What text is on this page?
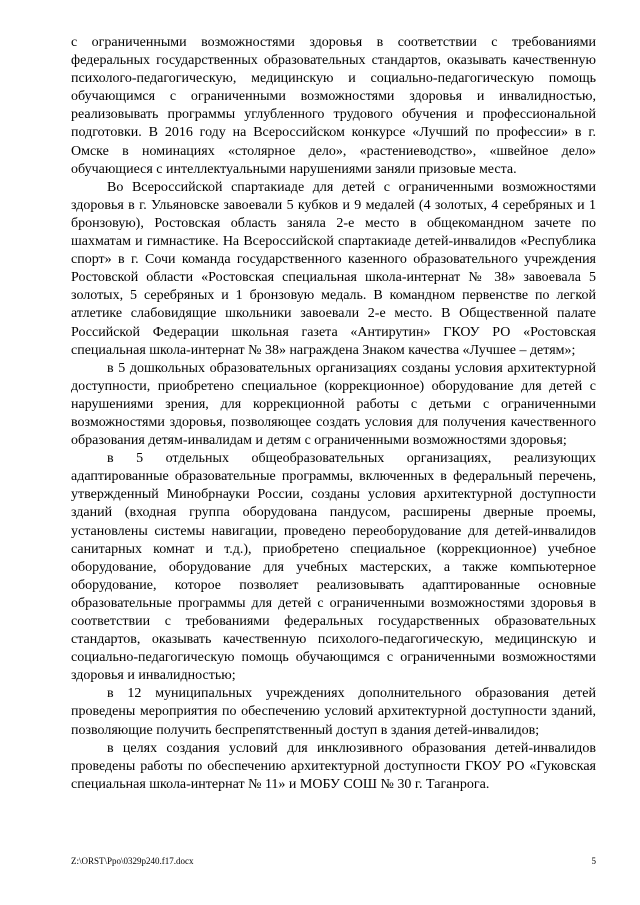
с ограниченными возможностями здоровья в соответствии с требованиями федеральных государственных образовательных стандартов, оказывать качественную психолого-педагогическую, медицинскую и социально-педагогическую помощь обучающимся с ограниченными возможностями здоровья и инвалидностью, реализовывать программы углубленного трудового обучения и профессиональной подготовки. В 2016 году на Всероссийском конкурсе «Лучший по профессии» в г. Омске в номинациях «столярное дело», «растениеводство», «швейное дело» обучающиеся с интеллектуальными нарушениями заняли призовые места.

Во Всероссийской спартакиаде для детей с ограниченными возможностями здоровья в г. Ульяновске завоевали 5 кубков и 9 медалей (4 золотых, 4 серебряных и 1 бронзовую), Ростовская область заняла 2-е место в общекомандном зачете по шахматам и гимнастике. На Всероссийской спартакиаде детей-инвалидов «Республика спорт» в г. Сочи команда государственного казенного образовательного учреждения Ростовской области «Ростовская специальная школа-интернат № 38» завоевала 5 золотых, 5 серебряных и 1 бронзовую медаль. В командном первенстве по легкой атлетике слабовидящие школьники завоевали 2-е место. В Общественной палате Российской Федерации школьная газета «Антирутин» ГКОУ РО «Ростовская специальная школа-интернат № 38» награждена Знаком качества «Лучшее – детям»;

в 5 дошкольных образовательных организациях созданы условия архитектурной доступности, приобретено специальное (коррекционное) оборудование для детей с нарушениями зрения, для коррекционной работы с детьми с ограниченными возможностями здоровья, позволяющее создать условия для получения качественного образования детям-инвалидам и детям с ограниченными возможностями здоровья;

в 5 отдельных общеобразовательных организациях, реализующих адаптированные образовательные программы, включенных в федеральный перечень, утвержденный Минобрнауки России, созданы условия архитектурной доступности зданий (входная группа оборудована пандусом, расширены дверные проемы, установлены системы навигации, проведено переоборудование для детей-инвалидов санитарных комнат и т.д.), приобретено специальное (коррекционное) учебное оборудование, оборудование для учебных мастерских, а также компьютерное оборудование, которое позволяет реализовывать адаптированные основные образовательные программы для детей с ограниченными возможностями здоровья в соответствии с требованиями федеральных государственных образовательных стандартов, оказывать качественную психолого-педагогическую, медицинскую и социально-педагогическую помощь обучающимся с ограниченными возможностями здоровья и инвалидностью;

в 12 муниципальных учреждениях дополнительного образования детей проведены мероприятия по обеспечению условий архитектурной доступности зданий, позволяющие получить беспрепятственный доступ в здания детей-инвалидов;

в целях создания условий для инклюзивного образования детей-инвалидов проведены работы по обеспечению архитектурной доступности ГКОУ РО «Гуковская специальная школа-интернат № 11» и МОБУ СОШ № 30 г. Таганрога.

Z:\ORST\Ppo\0329p240.f17.docx	5
